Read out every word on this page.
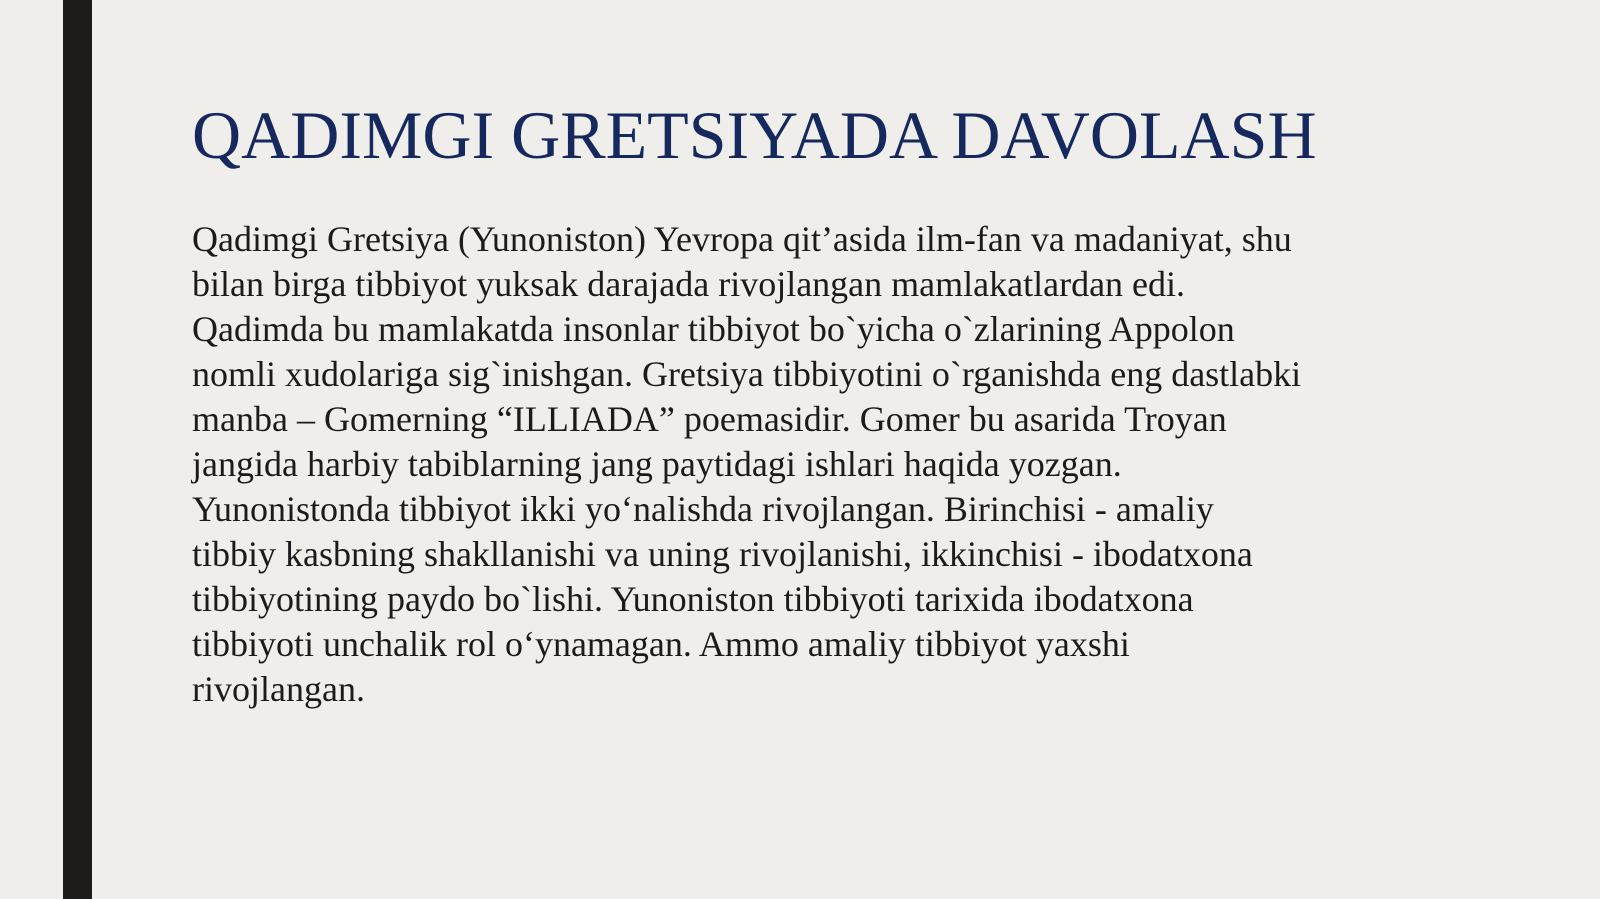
QADIMGI GRETSIYADA DAVOLASH
Qadimgi Gretsiya (Yunoniston) Yevropa qit’asida ilm-fan va madaniyat, shu
bilan birga tibbiyot yuksak darajada rivojlangan mamlakatlardan edi.
Qadimda bu mamlakatda insonlar tibbiyot bo`yicha o`zlarining Appolon
nomli xudolariga sig`inishgan. Gretsiya tibbiyotini o`rganishda eng dastlabki
manba – Gomerning “ILLIADA” poemasidir. Gomer bu asarida Troyan
jangida harbiy tabiblarning jang paytidagi ishlari haqida yozgan.
Yunonistonda tibbiyot ikki yo‘nalishda rivojlangan. Birinchisi - amaliy
tibbiy kasbning shakllanishi va uning rivojlanishi, ikkinchisi - ibodatxona
tibbiyotining paydo bo`lishi. Yunoniston tibbiyoti tarixida ibodatxona
tibbiyoti unchalik rol o‘ynamagan. Ammo amaliy tibbiyot yaxshi
rivojlangan.
